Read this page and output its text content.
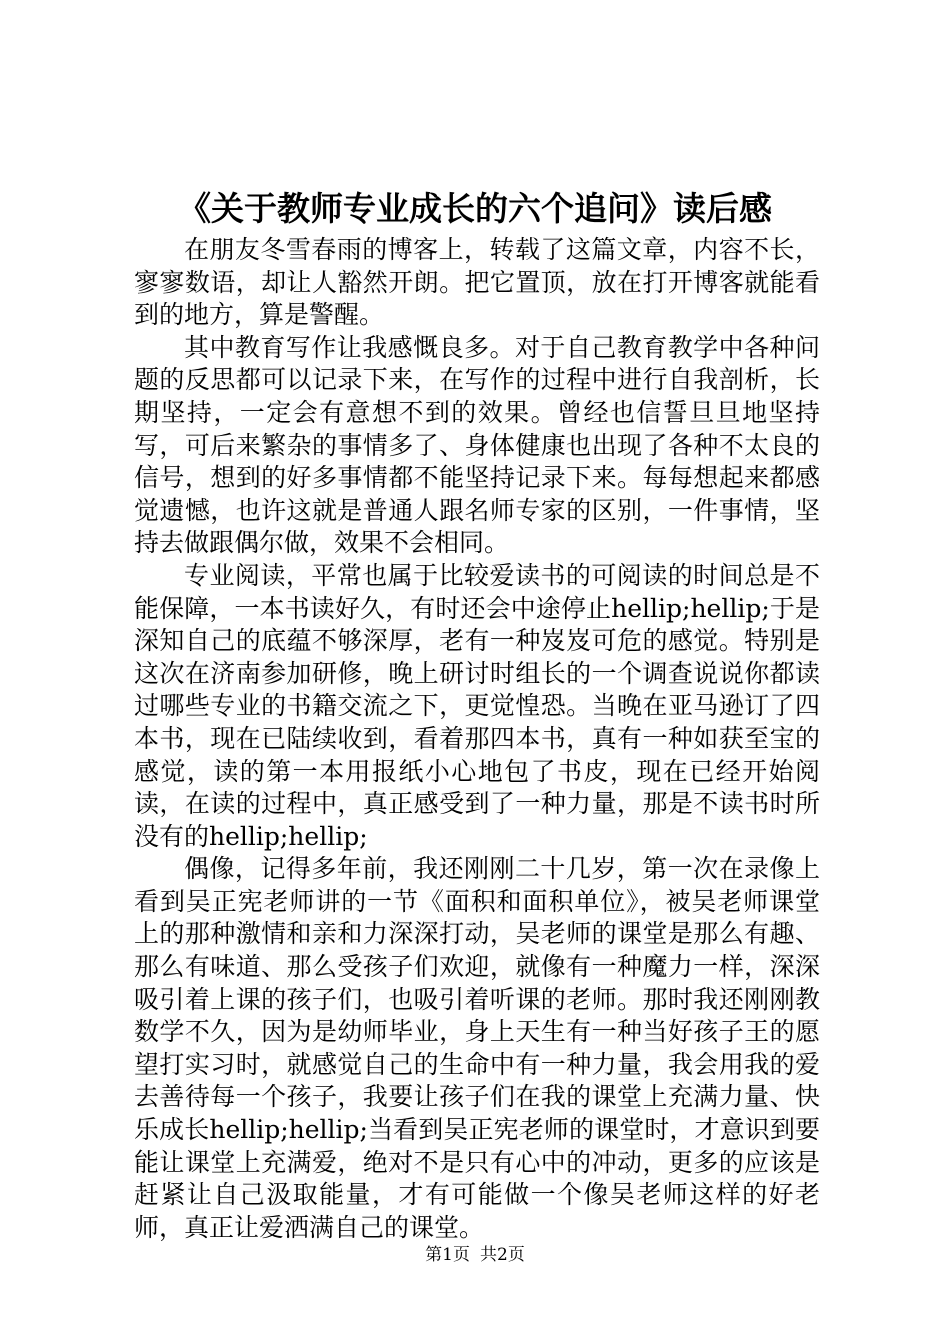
《关于教师专业成长的六个追问》读后感

在朋友冬雪春雨的博客上，转载了这篇文章，内容不长，寥寥数语，却让人豁然开朗。把它置顶，放在打开博客就能看到的地方，算是警醒。

其中教育写作让我感慨良多。对于自己教育教学中各种问题的反思都可以记录下来，在写作的过程中进行自我剖析，长期坚持，一定会有意想不到的效果。曾经也信誓旦旦地坚持写，可后来繁杂的事情多了、身体健康也出现了各种不太良的信号，想到的好多事情都不能坚持记录下来。每每想起来都感觉遗憾，也许这就是普通人跟名师专家的区别，一件事情，坚持去做跟偶尔做，效果不会相同。

专业阅读，平常也属于比较爱读书的可阅读的时间总是不能保障，一本书读好久，有时还会中途停止hellip;hellip;于是深知自己的底蕴不够深厚，老有一种岌岌可危的感觉。特别是这次在济南参加研修，晚上研讨时组长的一个调查说说你都读过哪些专业的书籍交流之下，更觉惶恐。当晚在亚马逊订了四本书，现在已陆续收到，看着那四本书，真有一种如获至宝的感觉，读的第一本用报纸小心地包了书皮，现在已经开始阅读，在读的过程中，真正感受到了一种力量，那是不读书时所没有的hellip;hellip;

偶像，记得多年前，我还刚刚二十几岁，第一次在录像上看到吴正宪老师讲的一节《面积和面积单位》，被吴老师课堂上的那种激情和亲和力深深打动，吴老师的课堂是那么有趣、那么有味道、那么受孩子们欢迎，就像有一种魔力一样，深深吸引着上课的孩子们，也吸引着听课的老师。那时我还刚刚教数学不久，因为是幼师毕业，身上天生有一种当好孩子王的愿望打实习时，就感觉自己的生命中有一种力量，我会用我的爱去善待每一个孩子，我要让孩子们在我的课堂上充满力量、快乐成长hellip;hellip;当看到吴正宪老师的课堂时，才意识到要能让课堂上充满爱，绝对不是只有心中的冲动，更多的应该是赶紧让自己汲取能量，才有可能做一个像吴老师这样的好老师，真正让爱洒满自己的课堂。

第1页 共2页
